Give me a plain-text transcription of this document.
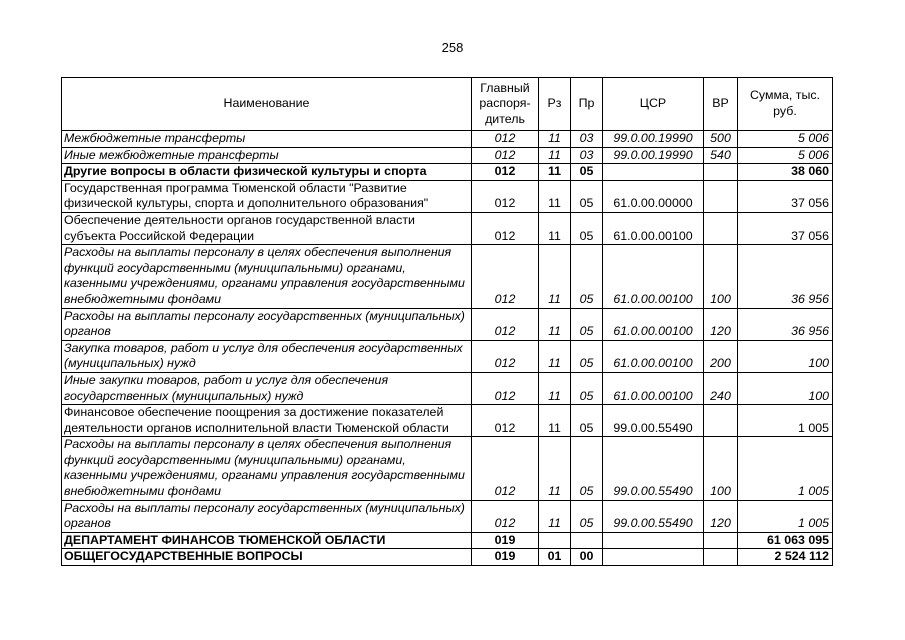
258
Наименование	Главный распоря-дитель	Рз	Пр	ЦСР	ВР	Сумма, тыс. руб.
Межбюджетные трансферты	012	11	03	99.0.00.19990	500	5 006
Иные межбюджетные трансферты	012	11	03	99.0.00.19990	540	5 006
Другие вопросы в области физической культуры и спорта	012	11	05			38 060
Государственная программа Тюменской области "Развитие физической культуры, спорта и дополнительного образования"	012	11	05	61.0.00.00000		37 056
Обеспечение деятельности органов государственной власти субъекта Российской Федерации	012	11	05	61.0.00.00100		37 056
Расходы на выплаты персоналу в целях обеспечения выполнения функций государственными (муниципальными) органами, казенными учреждениями, органами управления государственными внебюджетными фондами	012	11	05	61.0.00.00100	100	36 956
Расходы на выплаты персоналу государственных (муниципальных) органов	012	11	05	61.0.00.00100	120	36 956
Закупка товаров, работ и услуг для обеспечения государственных (муниципальных) нужд	012	11	05	61.0.00.00100	200	100
Иные закупки товаров, работ и услуг для обеспечения государственных (муниципальных) нужд	012	11	05	61.0.00.00100	240	100
Финансовое обеспечение поощрения за достижение показателей деятельности органов исполнительной власти Тюменской области	012	11	05	99.0.00.55490		1 005
Расходы на выплаты персоналу в целях обеспечения выполнения функций государственными (муниципальными) органами, казенными учреждениями, органами управления государственными внебюджетными фондами	012	11	05	99.0.00.55490	100	1 005
Расходы на выплаты персоналу государственных (муниципальных) органов	012	11	05	99.0.00.55490	120	1 005
ДЕПАРТАМЕНТ ФИНАНСОВ ТЮМЕНСКОЙ ОБЛАСТИ	019					61 063 095
ОБЩЕГОСУДАРСТВЕННЫЕ ВОПРОСЫ	019	01	00			2 524 112
